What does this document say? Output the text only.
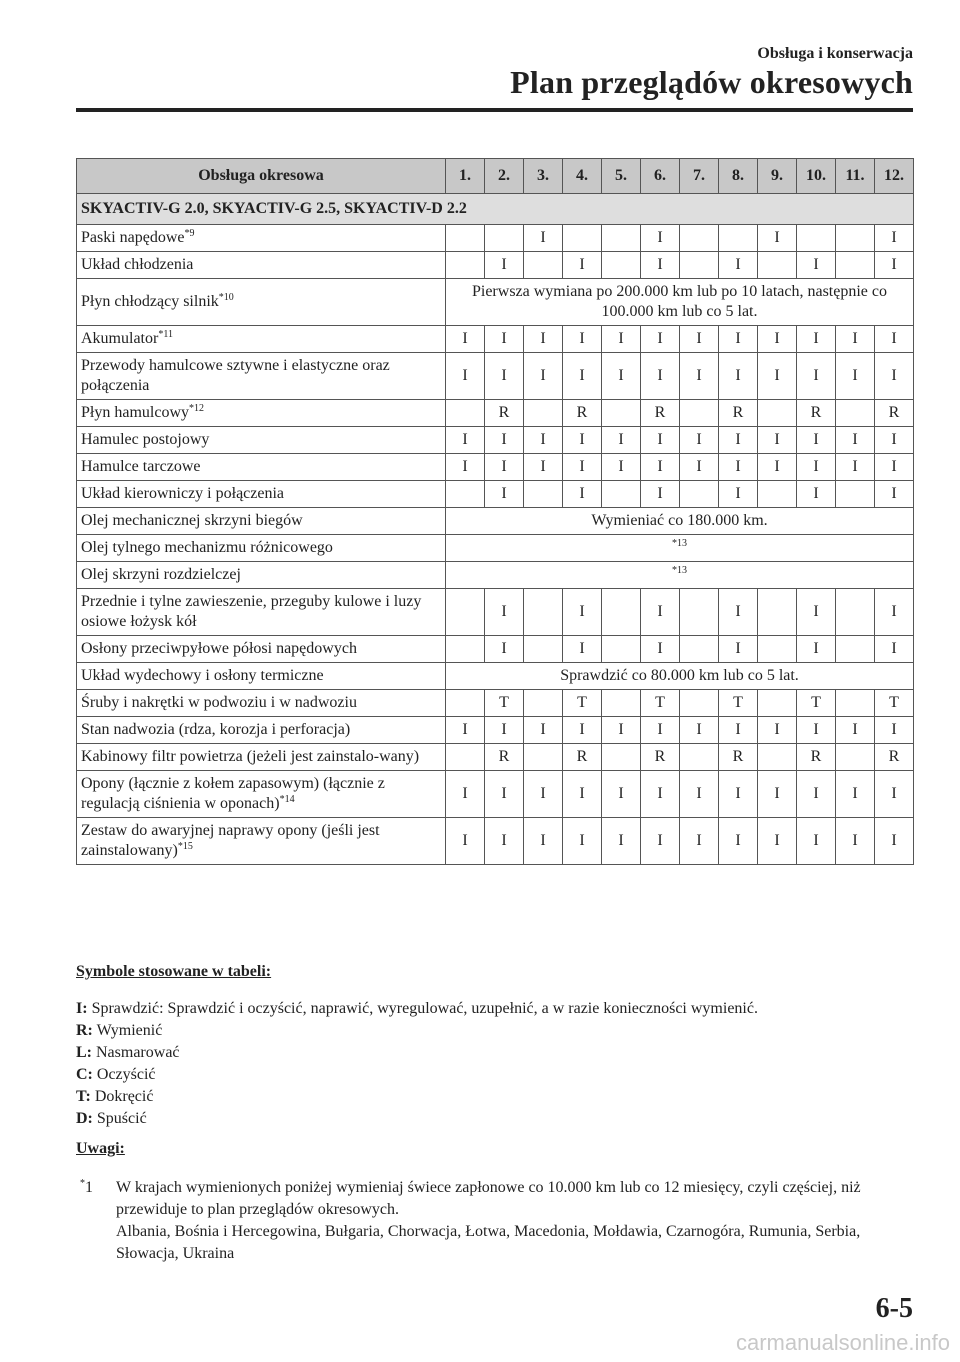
Obsługa i konserwacja
Plan przeglądów okresowych
Obsługa okresowa	1.	2.	3.	4.	5.	6.	7.	8.	9.	10.	11.	12.
SKYACTIV-G 2.0, SKYACTIV-G 2.5, SKYACTIV-D 2.2												
Paski napędowe$^{*9}$			I			I			I			I
Układ chłodzenia		I		I		I		I		I		I
Płyn chłodzący silnik$^{*10}$	Pierwsza wymiana po 200.000 km lub po 10 latach, następnie co 100.000 km lub co 5 lat.											
Akumulator$^{*11}$	I	I	I	I	I	I	I	I	I	I	I	I
Przewody hamulcowe sztywne i elastyczne oraz połączenia	I	I	I	I	I	I	I	I	I	I	I	I
Płyn hamulcowy$^{*12}$		R		R		R		R		R		R
Hamulec postojowy	I	I	I	I	I	I	I	I	I	I	I	I
Hamulce tarczowe	I	I	I	I	I	I	I	I	I	I	I	I
Układ kierowniczy i połączenia		I		I		I		I		I		I
Olej mechanicznej skrzyni biegów	Wymieniać co 180.000 km.											
Olej tylnego mechanizmu różnicowego	$^{*13}$
Olej skrzyni rozdzielczej	$^{*13}$
Przednie i tylne zawieszenie, przeguby kulowe i luzy osiowe łożysk kół		I		I		I		I		I		I
Osłony przeciwpyłowe półosi napędowych		I		I		I		I		I		I
Układ wydechowy i osłony termiczne	Sprawdzić co 80.000 km lub co 5 lat.											
Śruby i nakrętki w podwoziu i w nadwoziu		T		T		T		T		T		T
Stan nadwozia (rdza, korozja i perforacja)	I	I	I	I	I	I	I	I	I	I	I	I
Kabinowy filtr powietrza (jeżeli jest zainstalo-wany)		R		R		R		R		R		R
Opony (łącznie z kołem zapasowym) (łącznie z regulacją ciśnienia w oponach)$^{*14}$	I	I	I	I	I	I	I	I	I	I	I	I
Zestaw do awaryjnej naprawy opony (jeśli jest zainstalowany)$^{*15}$	I	I	I	I	I	I	I	I	I	I	I	I
Symbole stosowane w tabeli:
I: Sprawdzić: Sprawdzić i oczyścić, naprawić, wyregulować, uzupełnić, a w razie konieczności wymienić.
R: Wymienić
L: Nasmarować
C: Oczyścić
T: Dokręcić
D: Spuścić
Uwagi:
*1 W krajach wymienionych poniżej wymieniaj świece zapłonowe co 10.000 km lub co 12 miesięcy, czyli częściej, niż przewiduje to plan przeglądów okresowych.
Albania, Bośnia i Hercegowina, Bułgaria, Chorwacja, Łotwa, Macedonia, Mołdawia, Czarnogóra, Rumunia, Serbia, Słowacja, Ukraina
6-5
carmanualsonline.info
